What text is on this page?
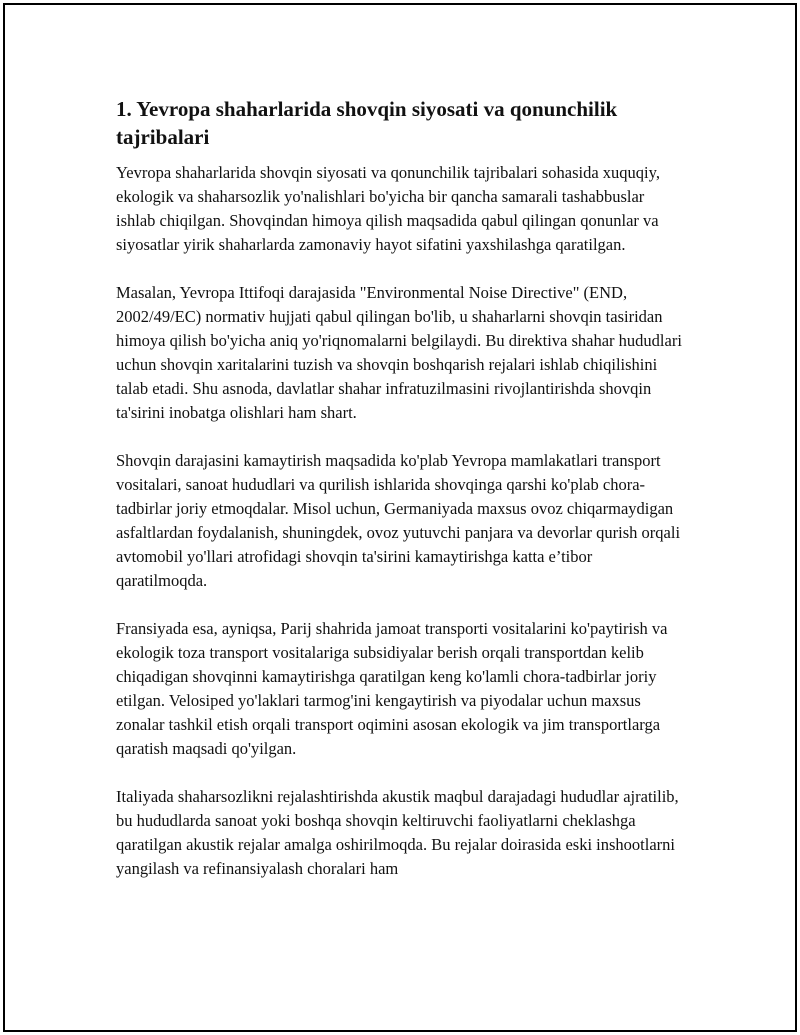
1. Yevropa shaharlarida shovqin siyosati va qonunchilik tajribalari

Yevropa shaharlarida shovqin siyosati va qonunchilik tajribalari sohasida xuquqiy, ekologik va shaharsozlik yo'nalishlari bo'yicha bir qancha samarali tashabbuslar ishlab chiqilgan. Shovqindan himoya qilish maqsadida qabul qilingan qonunlar va siyosatlar yirik shaharlarda zamonaviy hayot sifatini yaxshilashga qaratilgan.

Masalan, Yevropa Ittifoqi darajasida "Environmental Noise Directive" (END, 2002/49/EC) normativ hujjati qabul qilingan bo'lib, u shaharlarni shovqin tasiridan himoya qilish bo'yicha aniq yo'riqnomalarni belgilaydi. Bu direktiva shahar hududlari uchun shovqin xaritalarini tuzish va shovqin boshqarish rejalari ishlab chiqilishini talab etadi. Shu asnoda, davlatlar shahar infratuzilmasini rivojlantirishda shovqin ta'sirini inobatga olishlari ham shart.

Shovqin darajasini kamaytirish maqsadida ko'plab Yevropa mamlakatlari transport vositalari, sanoat hududlari va qurilish ishlarida shovqinga qarshi ko'plab chora-tadbirlar joriy etmoqdalar. Misol uchun, Germaniyada maxsus ovoz chiqarmaydigan asfaltlardan foydalanish, shuningdek, ovoz yutuvchi panjara va devorlar qurish orqali avtomobil yo'llari atrofidagi shovqin ta'sirini kamaytirishga katta e’tibor qaratilmoqda.

Fransiyada esa, ayniqsa, Parij shahrida jamoat transporti vositalarini ko'paytirish va ekologik toza transport vositalariga subsidiyalar berish orqali transportdan kelib chiqadigan shovqinni kamaytirishga qaratilgan keng ko'lamli chora-tadbirlar joriy etilgan. Velosiped yo'laklari tarmog'ini kengaytirish va piyodalar uchun maxsus zonalar tashkil etish orqali transport oqimini asosan ekologik va jim transportlarga qaratish maqsadi qo'yilgan.

Italiyada shaharsozlikni rejalashtirishda akustik maqbul darajadagi hududlar ajratilib, bu hududlarda sanoat yoki boshqa shovqin keltiruvchi faoliyatlarni cheklashga qaratilgan akustik rejalar amalga oshirilmoqda. Bu rejalar doirasida eski inshootlarni yangilash va refinansiyalash choralari ham
